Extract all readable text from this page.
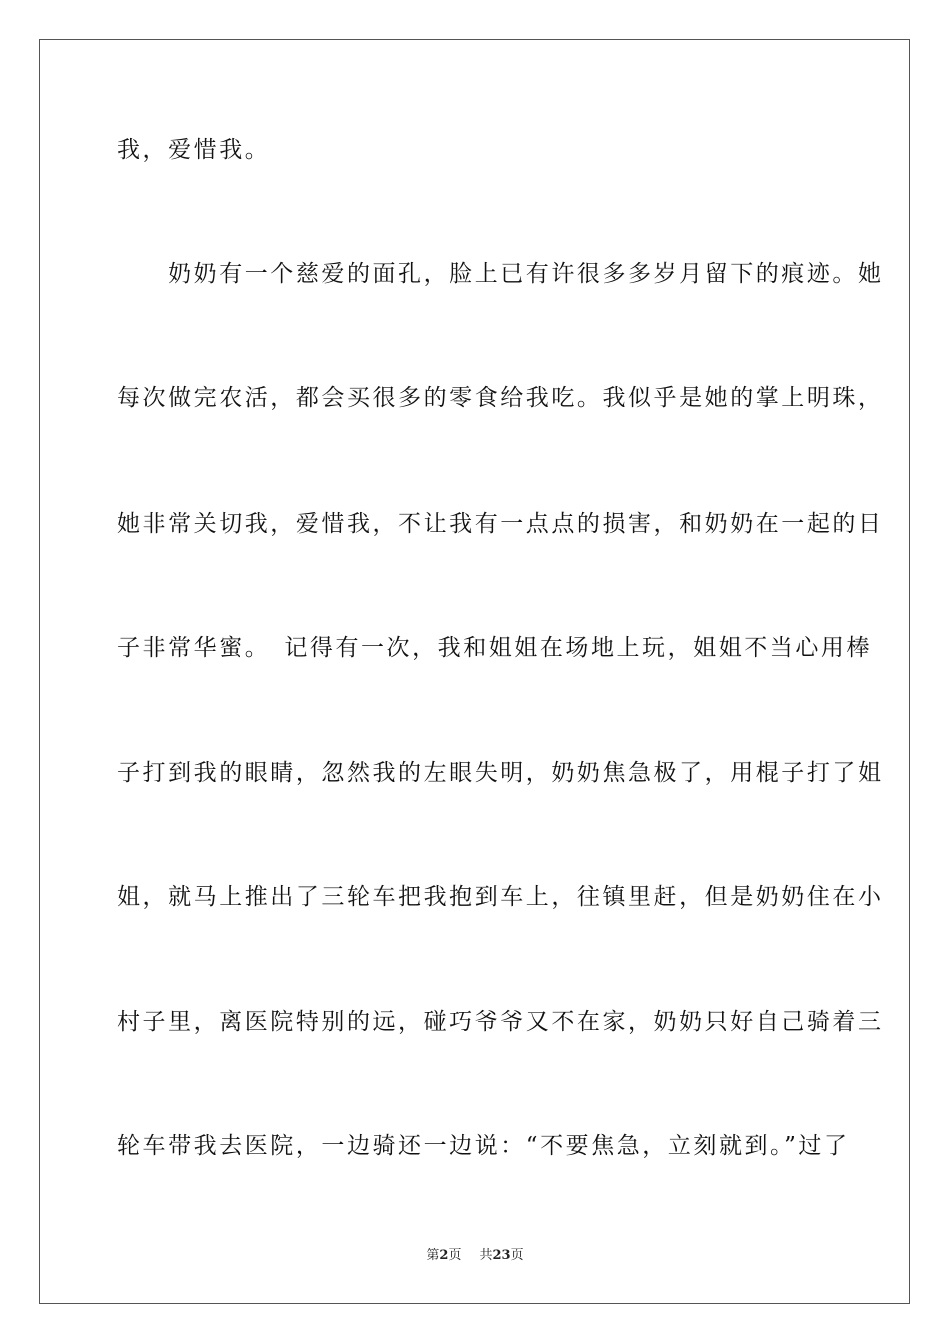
我，爱惜我。
　　奶奶有一个慈爱的面孔，脸上已有许很多多岁月留下的痕迹。她
每次做完农活，都会买很多的零食给我吃。我似乎是她的掌上明珠，
她非常关切我，爱惜我，不让我有一点点的损害，和奶奶在一起的日
子非常华蜜。　记得有一次，我和姐姐在场地上玩，姐姐不当心用棒
子打到我的眼睛，忽然我的左眼失明，奶奶焦急极了，用棍子打了姐
姐，就马上推出了三轮车把我抱到车上，往镇里赶，但是奶奶住在小
村子里，离医院特别的远，碰巧爷爷又不在家，奶奶只好自己骑着三
轮车带我去医院，一边骑还一边说：“不要焦急，立刻就到。”过了
第2页 共23页
